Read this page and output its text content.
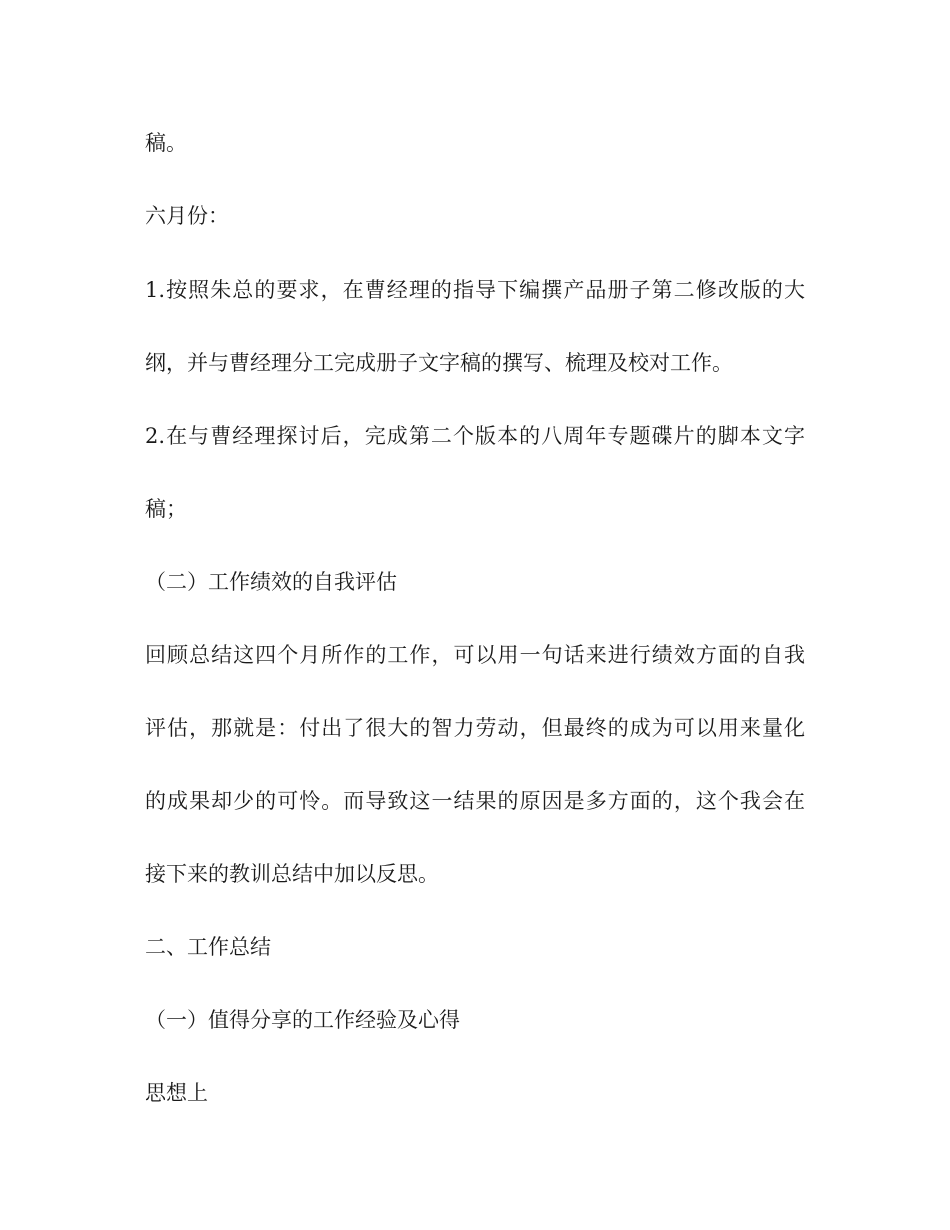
稿。

六月份：

1.按照朱总的要求，在曹经理的指导下编撰产品册子第二修改版的大

纲，并与曹经理分工完成册子文字稿的撰写、梳理及校对工作。

2.在与曹经理探讨后，完成第二个版本的八周年专题碟片的脚本文字

稿；

（二）工作绩效的自我评估

回顾总结这四个月所作的工作，可以用一句话来进行绩效方面的自我

评估，那就是：付出了很大的智力劳动，但最终的成为可以用来量化

的成果却少的可怜。而导致这一结果的原因是多方面的，这个我会在

接下来的教训总结中加以反思。

二、工作总结

（一）值得分享的工作经验及心得

思想上
